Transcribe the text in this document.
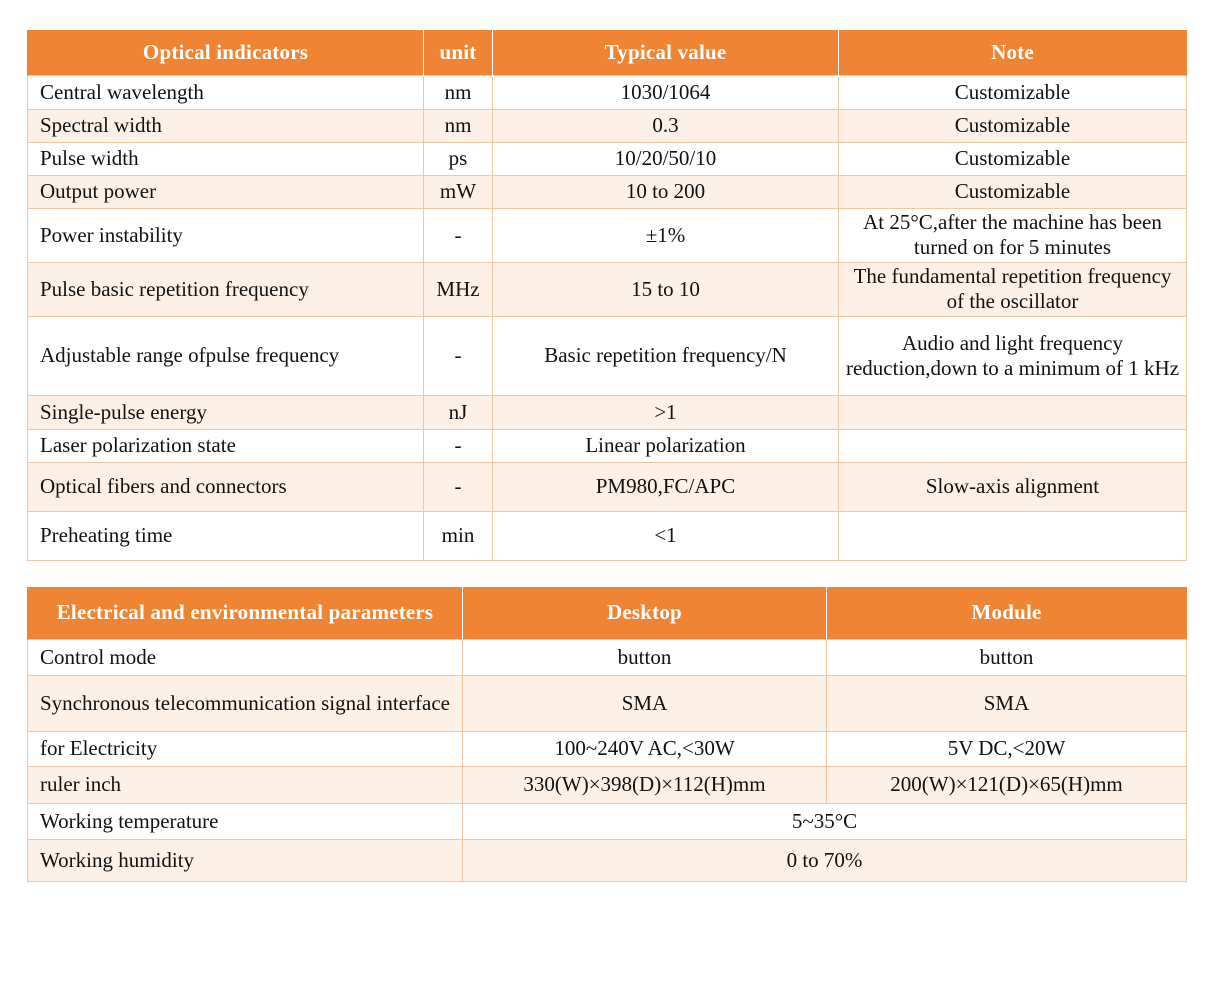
Optical indicators	unit	Typical value	Note
Central wavelength	nm	1030/1064	Customizable
Spectral width	nm	0.3	Customizable
Pulse width	ps	10/20/50/10	Customizable
Output power	mW	10 to 200	Customizable
Power instability	-	±1%	At 25°C,after the machine has been turned on for 5 minutes
Pulse basic repetition frequency	MHz	15 to 10	The fundamental repetition frequency of the oscillator
Adjustable range ofpulse frequency	-	Basic repetition frequency/N	Audio and light frequency reduction,down to a minimum of 1 kHz
Single-pulse energy	nJ	>1	
Laser polarization state	-	Linear polarization	
Optical fibers and connectors	-	PM980,FC/APC	Slow-axis alignment
Preheating time	min	<1	
Electrical and environmental parameters	Desktop	Module
Control mode	button	button
Synchronous telecommunication signal interface	SMA	SMA
for Electricity	100~240V AC,<30W	5V DC,<20W
ruler inch	330(W)×398(D)×112(H)mm	200(W)×121(D)×65(H)mm
Working temperature	5~35°C	
Working humidity	0 to 70%	
